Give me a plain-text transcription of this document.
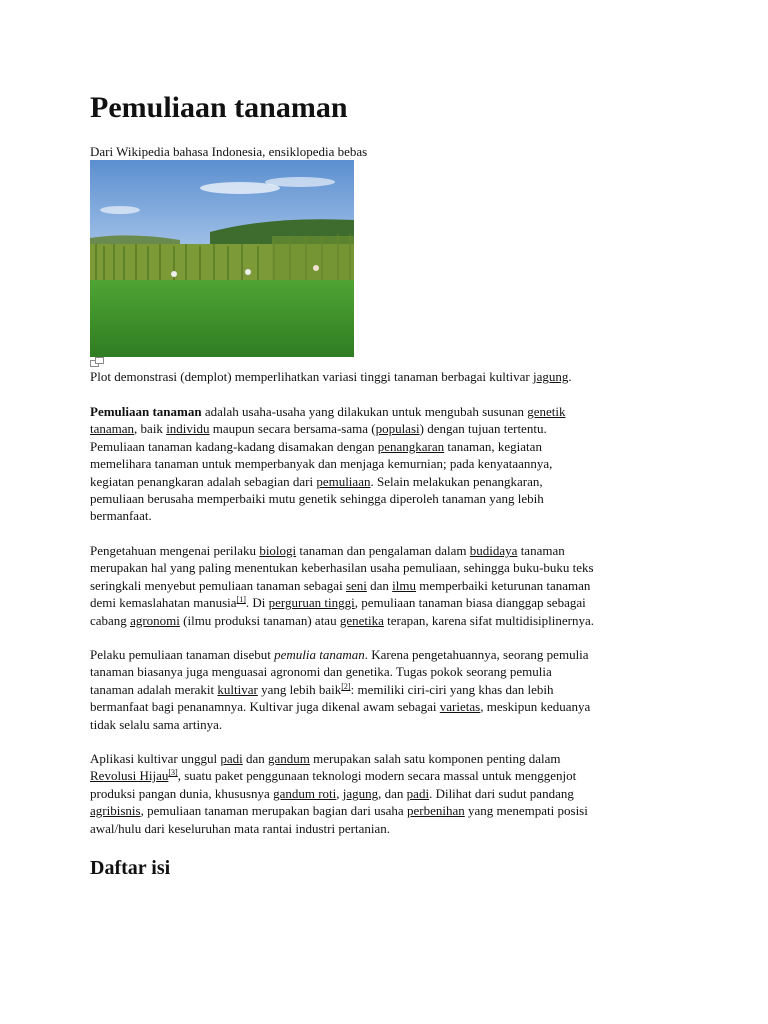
Pemuliaan tanaman
Dari Wikipedia bahasa Indonesia, ensiklopedia bebas
Plot demonstrasi (demplot) memperlihatkan variasi tinggi tanaman berbagai kultivar jagung.
Pemuliaan tanaman adalah usaha-usaha yang dilakukan untuk mengubah susunan genetik
tanaman, baik individu maupun secara bersama-sama (populasi) dengan tujuan tertentu.
Pemuliaan tanaman kadang-kadang disamakan dengan penangkaran tanaman, kegiatan
memelihara tanaman untuk memperbanyak dan menjaga kemurnian; pada kenyataannya,
kegiatan penangkaran adalah sebagian dari pemuliaan. Selain melakukan penangkaran,
pemuliaan berusaha memperbaiki mutu genetik sehingga diperoleh tanaman yang lebih
bermanfaat.
Pengetahuan mengenai perilaku biologi tanaman dan pengalaman dalam budidaya tanaman
merupakan hal yang paling menentukan keberhasilan usaha pemuliaan, sehingga buku-buku teks
seringkali menyebut pemuliaan tanaman sebagai seni dan ilmu memperbaiki keturunan tanaman
demi kemaslahatan manusia[1]. Di perguruan tinggi, pemuliaan tanaman biasa dianggap sebagai
cabang agronomi (ilmu produksi tanaman) atau genetika terapan, karena sifat multidisiplinernya.
Pelaku pemuliaan tanaman disebut pemulia tanaman. Karena pengetahuannya, seorang pemulia
tanaman biasanya juga menguasai agronomi dan genetika. Tugas pokok seorang pemulia
tanaman adalah merakit kultivar yang lebih baik[2]: memiliki ciri-ciri yang khas dan lebih
bermanfaat bagi penanamnya. Kultivar juga dikenal awam sebagai varietas, meskipun keduanya
tidak selalu sama artinya.
Aplikasi kultivar unggul padi dan gandum merupakan salah satu komponen penting dalam
Revolusi Hijau[3], suatu paket penggunaan teknologi modern secara massal untuk menggenjot
produksi pangan dunia, khususnya gandum roti, jagung, dan padi. Dilihat dari sudut pandang
agribisnis, pemuliaan tanaman merupakan bagian dari usaha perbenihan yang menempati posisi
awal/hulu dari keseluruhan mata rantai industri pertanian.
Daftar isi
